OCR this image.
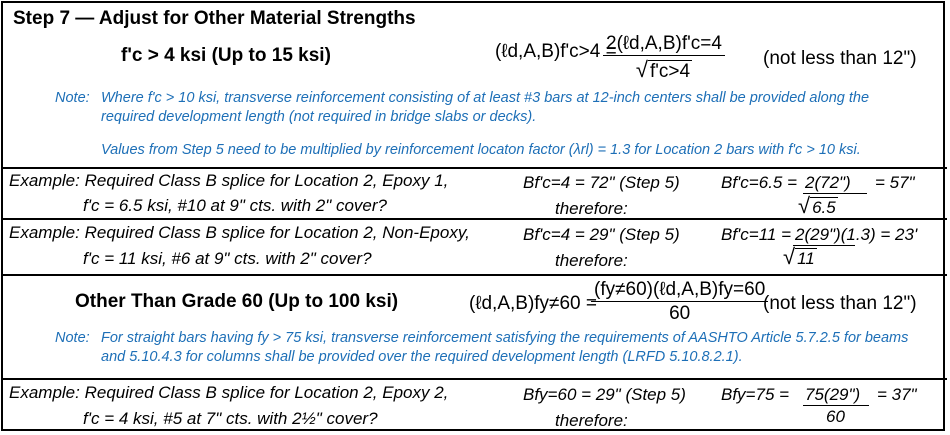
Step 7 — Adjust for Other Material Strengths
f'c > 4 ksi (Up to 15 ksi)	(ℓd,A,B)f'c>4 =
$\frac{\text{2(ℓd,A,B)f'c=4}}{√ f'c>4} (not$ less than 12")
Note: Where f'c > 10 ksi, transverse reinforcement consisting of at least #3 bars at 12-inch centers shall be provided along the required development length (not required in bridge slabs or decks).
Values from Step 5 need to be multiplied by reinforcement locaton factor (λrl) = 1.3 for Location 2 bars with f'c > 10 ksi.
Example: Required Class B splice for Location 2, Epoxy 1,
f'c = 6.5 ksi, #10 at 9" cts. with 2" cover?
Bf'c=4 = 72" (Step 5)
therefore:
Bf'c=6.5 = 2(72") = 57"
√ 6.5
Example: Required Class B splice for Location 2, Non-Epoxy,
f'c = 11 ksi, #6 at 9" cts. with 2" cover?
Bf'c=4 = 29" (Step 5)
therefore:
Bf'c=11 = 2(29")(1.3) = 23'
√ 11
Other Than Grade 60 (Up to 100 ksi)	(ℓd,A,B)fy≠60 =
$\frac{\text{(fy≠60)(ℓd,A,B)fy=60}}{60}$
(not less than 12")
Note: For straight bars having fy > 75 ksi, transverse reinforcement satisfying the requirements of AASHTO Article 5.7.2.5 for beams and 5.10.4.3 for columns shall be provided over the required development length (LRFD 5.10.8.2.1).
Example: Required Class B splice for Location 2, Epoxy 2,
f'c = 4 ksi, #5 at 7" cts. with 2½" cover?
Bfy=60 = 29" (Step 5)
therefore:
Bfy=75 = 75(29") = 37"
60
